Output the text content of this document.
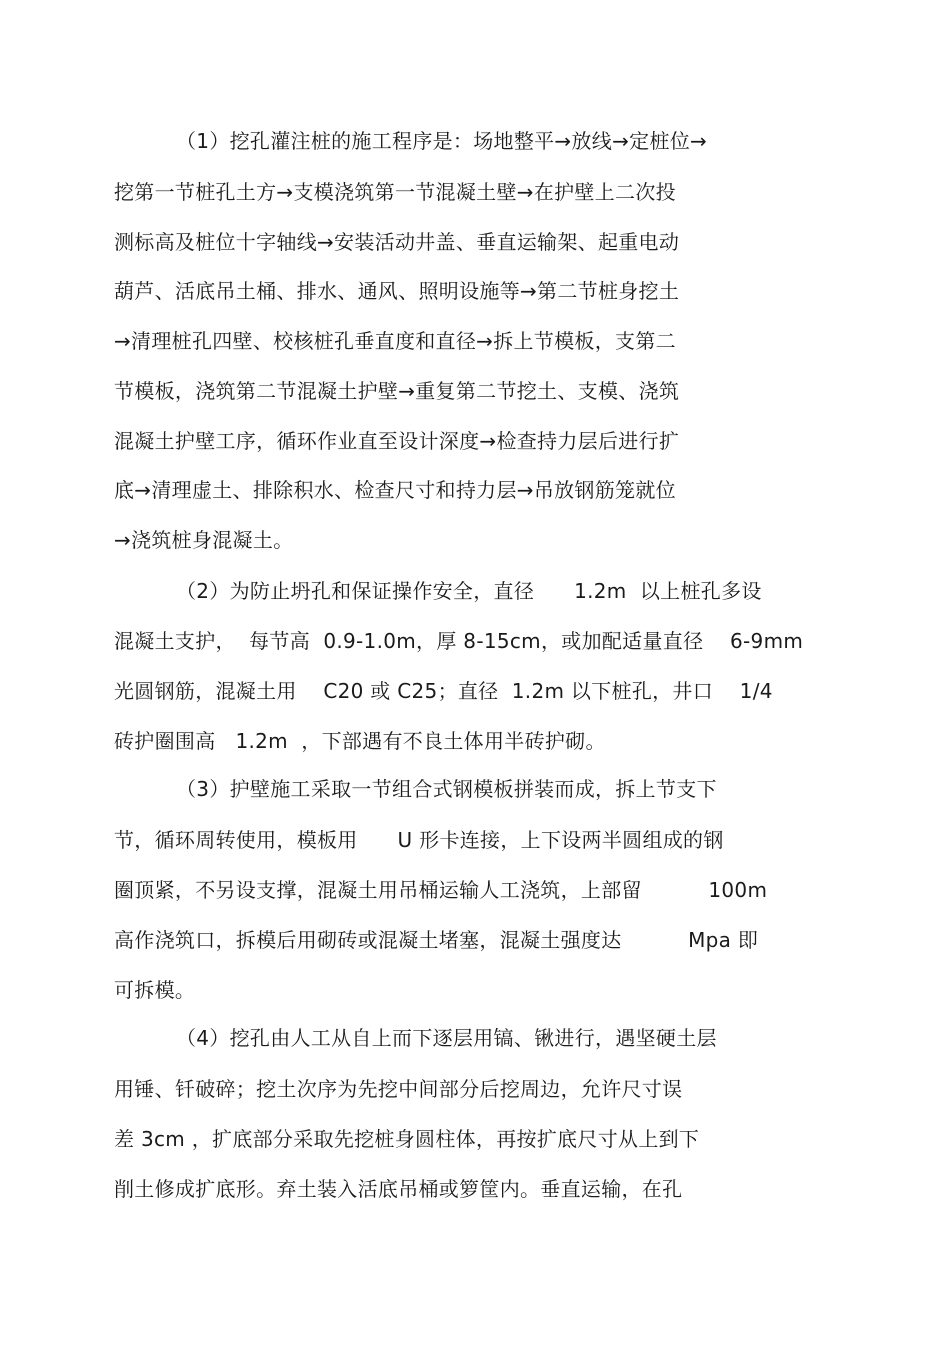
（1）挖孔灌注桩的施工程序是：场地整平→放线→定桩位→
挖第一节桩孔土方→支模浇筑第一节混凝土壁→在护壁上二次投
测标高及桩位十字轴线→安装活动井盖、垂直运输架、起重电动
葫芦、活底吊土桶、排水、通风、照明设施等→第二节桩身挖土
→清理桩孔四壁、校核桩孔垂直度和直径→拆上节模板，支第二
节模板，浇筑第二节混凝土护壁→重复第二节挖土、支模、浇筑
混凝土护壁工序，循环作业直至设计深度→检查持力层后进行扩
底→清理虚土、排除积水、检查尺寸和持力层→吊放钢筋笼就位
→浇筑桩身混凝土。
（2）为防止坍孔和保证操作安全，直径      1.2m  以上桩孔多设
混凝土支护，  每节高  0.9-1.0m，厚 8-15cm，或加配适量直径    6-9mm
光圆钢筋，混凝土用    C20 或 C25；直径  1.2m 以下桩孔，井口    1/4
砖护圈围高   1.2m  ，下部遇有不良土体用半砖护砌。
（3）护壁施工采取一节组合式钢模板拼装而成，拆上节支下
节，循环周转使用，模板用      U 形卡连接，上下设两半圆组成的钢
圈顶紧，不另设支撑，混凝土用吊桶运输人工浇筑，上部留          100m
高作浇筑口，拆模后用砌砖或混凝土堵塞，混凝土强度达          Mpa 即
可拆模。
（4）挖孔由人工从自上而下逐层用镐、锹进行，遇坚硬土层
用锤、钎破碎；挖土次序为先挖中间部分后挖周边，允许尺寸误
差 3cm ，扩底部分采取先挖桩身圆柱体，再按扩底尺寸从上到下
削土修成扩底形。弃土装入活底吊桶或箩筐内。垂直运输，在孔
